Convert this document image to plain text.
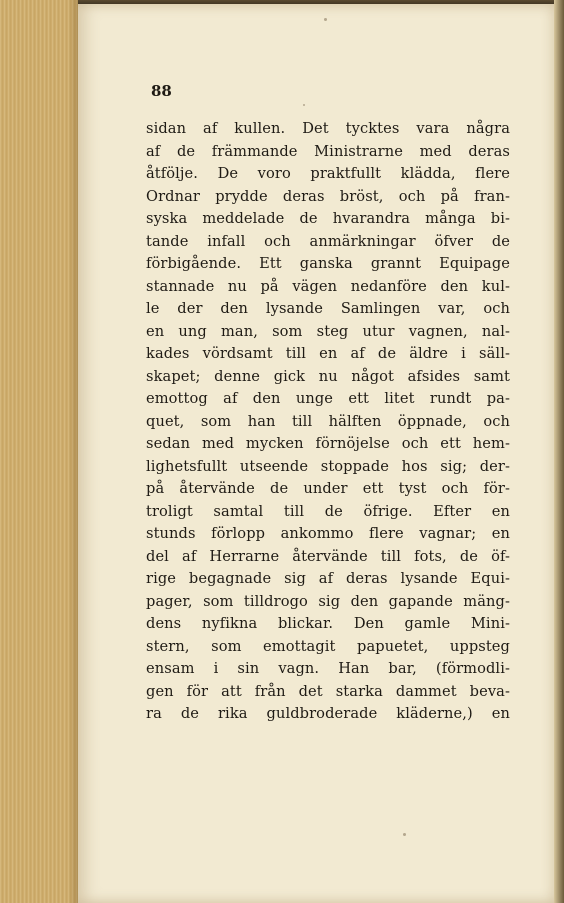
88

sidan af kullen. Det tycktes vara några
af de främmande Ministrarne med deras
åtfölje. De voro praktfullt klädda, flere
Ordnar prydde deras bröst, och på fran-
syska meddelade de hvarandra många bi-
tande infall och anmärkningar öfver de
förbigående. Ett ganska grannt Equipage
stannade nu på vägen nedanföre den kul-
le der den lysande Samlingen var, och
en ung man, som steg utur vagnen, nal-
kades vördsamt till en af de äldre i säll-
skapet; denne gick nu något afsides samt
emottog af den unge ett litet rundt pa-
quet, som han till hälften öppnade, och
sedan med mycken förnöjelse och ett hem-
lighetsfullt utseende stoppade hos sig; der-
på återvände de under ett tyst och för-
troligt samtal till de öfrige. Efter en
stunds förlopp ankommo flere vagnar; en
del af Herrarne återvände till fots, de öf-
rige begagnade sig af deras lysande Equi-
pager, som tilldrogo sig den gapande mäng-
dens nyfikna blickar. Den gamle Mini-
stern, som emottagit papuetet, uppsteg
ensam i sin vagn. Han bar, (förmodli-
gen för att från det starka dammet beva-
ra de rika guldbroderade kläderne,) en
